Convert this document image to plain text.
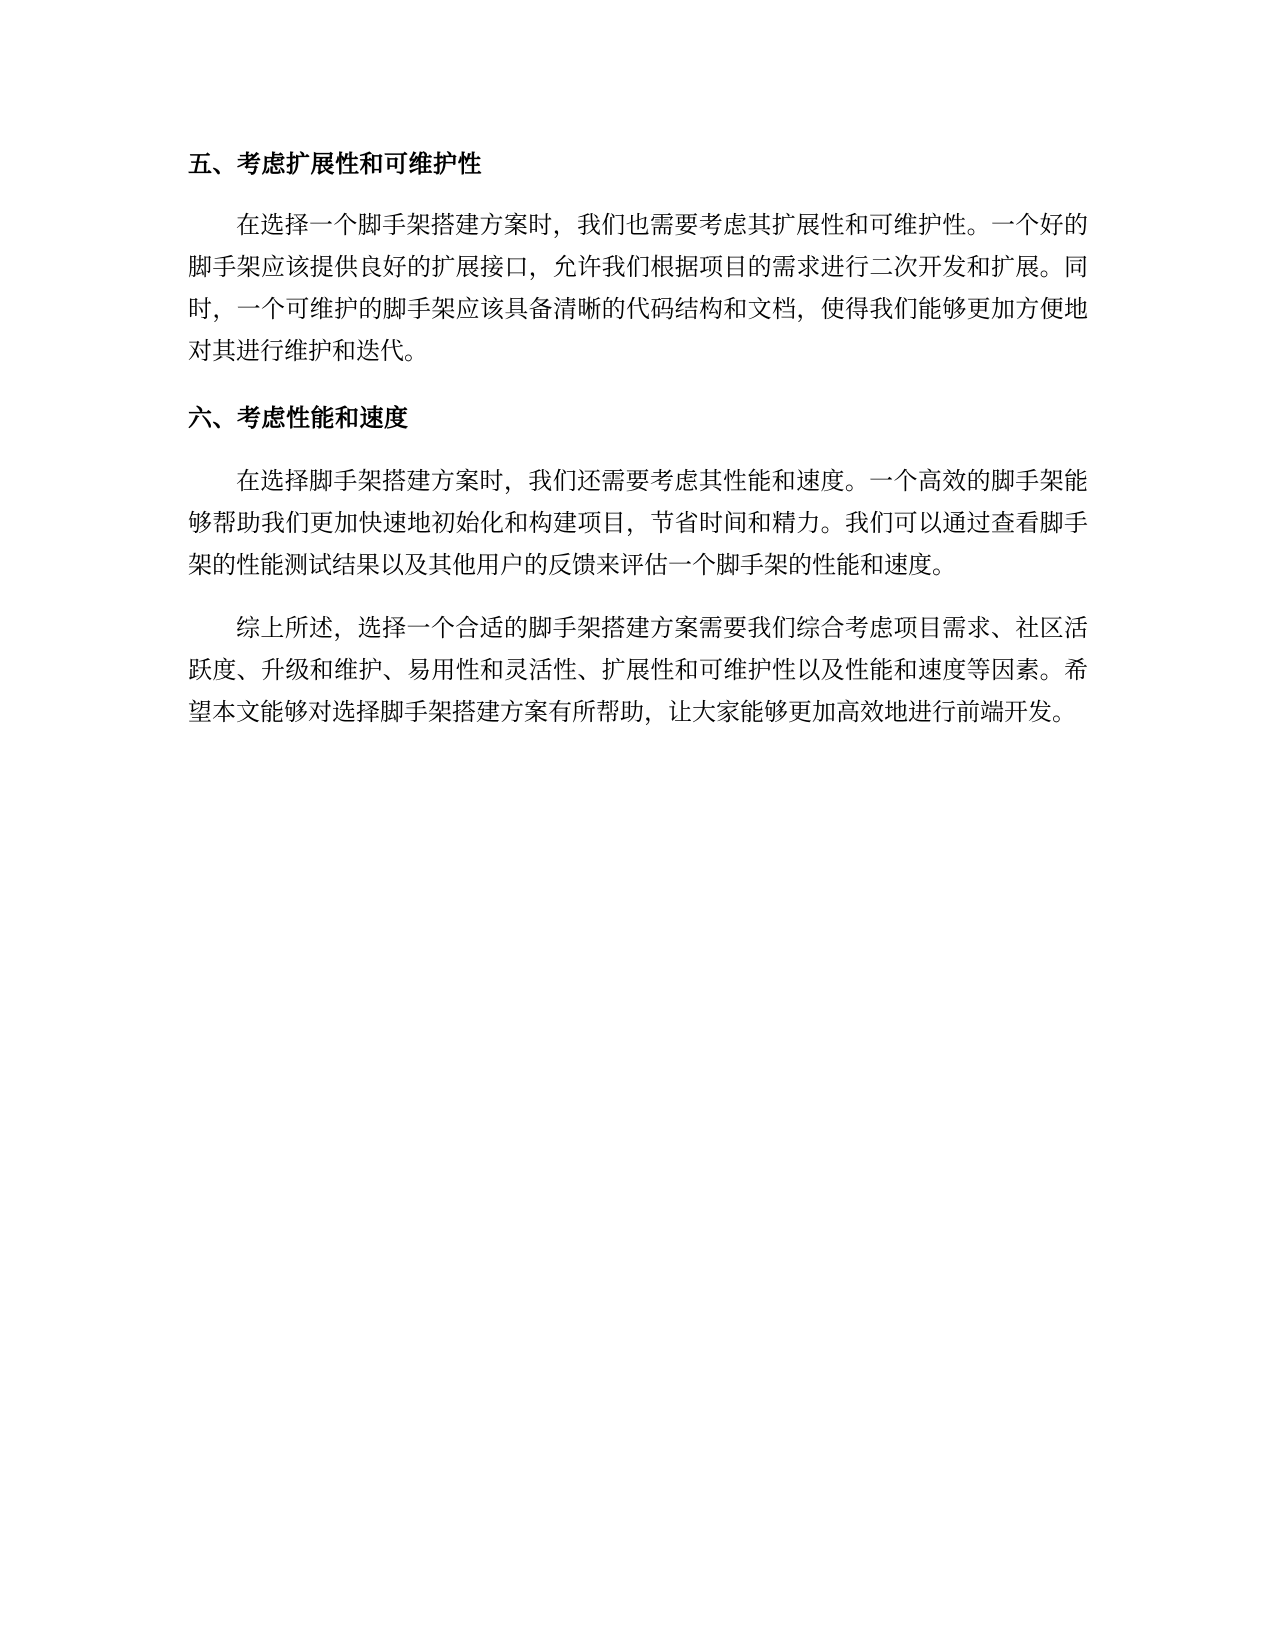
五、考虑扩展性和可维护性

在选择一个脚手架搭建方案时，我们也需要考虑其扩展性和可维护性。一个好的脚手架应该提供良好的扩展接口，允许我们根据项目的需求进行二次开发和扩展。同时，一个可维护的脚手架应该具备清晰的代码结构和文档，使得我们能够更加方便地对其进行维护和迭代。

六、考虑性能和速度

在选择脚手架搭建方案时，我们还需要考虑其性能和速度。一个高效的脚手架能够帮助我们更加快速地初始化和构建项目，节省时间和精力。我们可以通过查看脚手架的性能测试结果以及其他用户的反馈来评估一个脚手架的性能和速度。

综上所述，选择一个合适的脚手架搭建方案需要我们综合考虑项目需求、社区活跃度、升级和维护、易用性和灵活性、扩展性和可维护性以及性能和速度等因素。希望本文能够对选择脚手架搭建方案有所帮助，让大家能够更加高效地进行前端开发。
